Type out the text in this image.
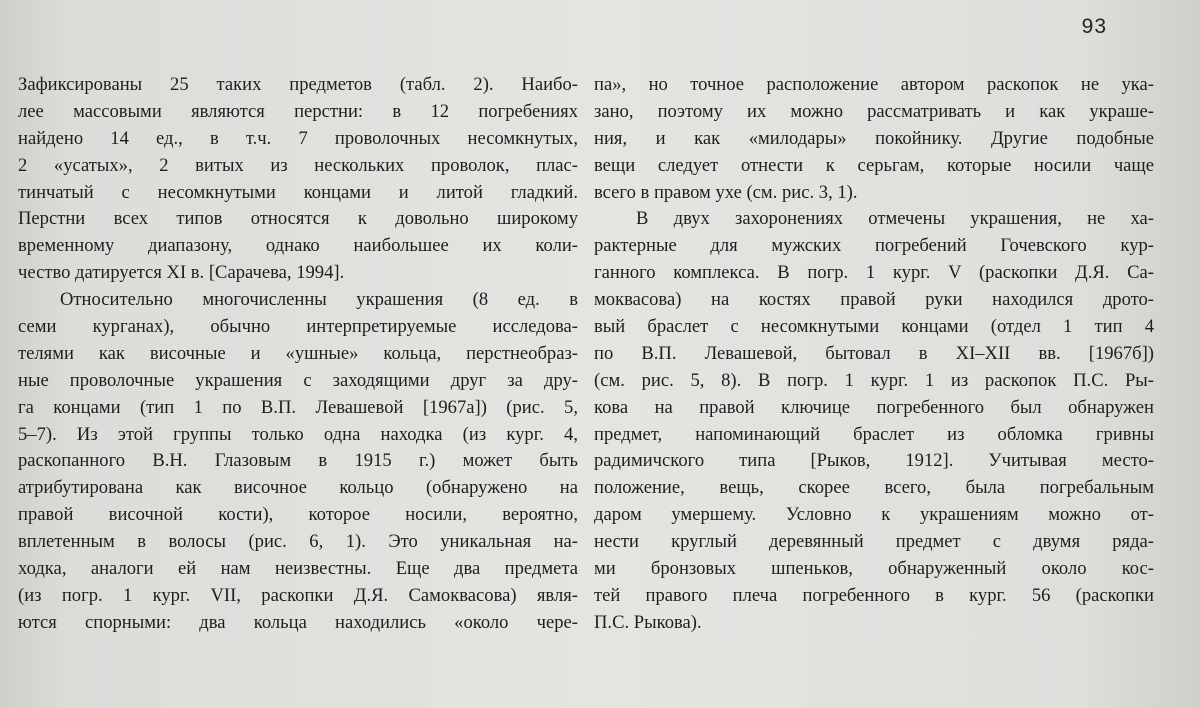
93
Зафиксированы 25 таких предметов (табл. 2). Наибо-
лее массовыми являются перстни: в 12 погребениях
найдено 14 ед., в т.ч. 7 проволочных несомкнутых,
2 «усатых», 2 витых из нескольких проволок, плас-
тинчатый с несомкнутыми концами и литой гладкий.
Перстни всех типов относятся к довольно широкому
временному диапазону, однако наибольшее их коли-
чество датируется XI в. [Сарачева, 1994].
Относительно многочисленны украшения (8 ед. в
семи курганах), обычно интерпретируемые исследова-
телями как височные и «ушные» кольца, перстнеобраз-
ные проволочные украшения с заходящими друг за дру-
га концами (тип 1 по В.П. Левашевой [1967а]) (рис. 5,
5–7). Из этой группы только одна находка (из кург. 4,
раскопанного В.Н. Глазовым в 1915 г.) может быть
атрибутирована как височное кольцо (обнаружено на
правой височной кости), которое носили, вероятно,
вплетенным в волосы (рис. 6, 1). Это уникальная на-
ходка, аналоги ей нам неизвестны. Еще два предмета
(из погр. 1 кург. VII, раскопки Д.Я. Самоквасова) явля-
ются спорными: два кольца находились «около чере-
па», но точное расположение автором раскопок не ука-
зано, поэтому их можно рассматривать и как украше-
ния, и как «милодары» покойнику. Другие подобные
вещи следует отнести к серьгам, которые носили чаще
всего в правом ухе (см. рис. 3, 1).
В двух захоронениях отмечены украшения, не ха-
рактерные для мужских погребений Гочевского кур-
ганного комплекса. В погр. 1 кург. V (раскопки Д.Я. Са-
моквасова) на костях правой руки находился дрото-
вый браслет с несомкнутыми концами (отдел 1 тип 4
по В.П. Левашевой, бытовал в XI–XII вв. [1967б])
(см. рис. 5, 8). В погр. 1 кург. 1 из раскопок П.С. Ры-
кова на правой ключице погребенного был обнаружен
предмет, напоминающий браслет из обломка гривны
радимичского типа [Рыков, 1912]. Учитывая место-
положение, вещь, скорее всего, была погребальным
даром умершему. Условно к украшениям можно от-
нести круглый деревянный предмет с двумя ряда-
ми бронзовых шпеньков, обнаруженный около кос-
тей правого плеча погребенного в кург. 56 (раскопки
П.С. Рыкова).
